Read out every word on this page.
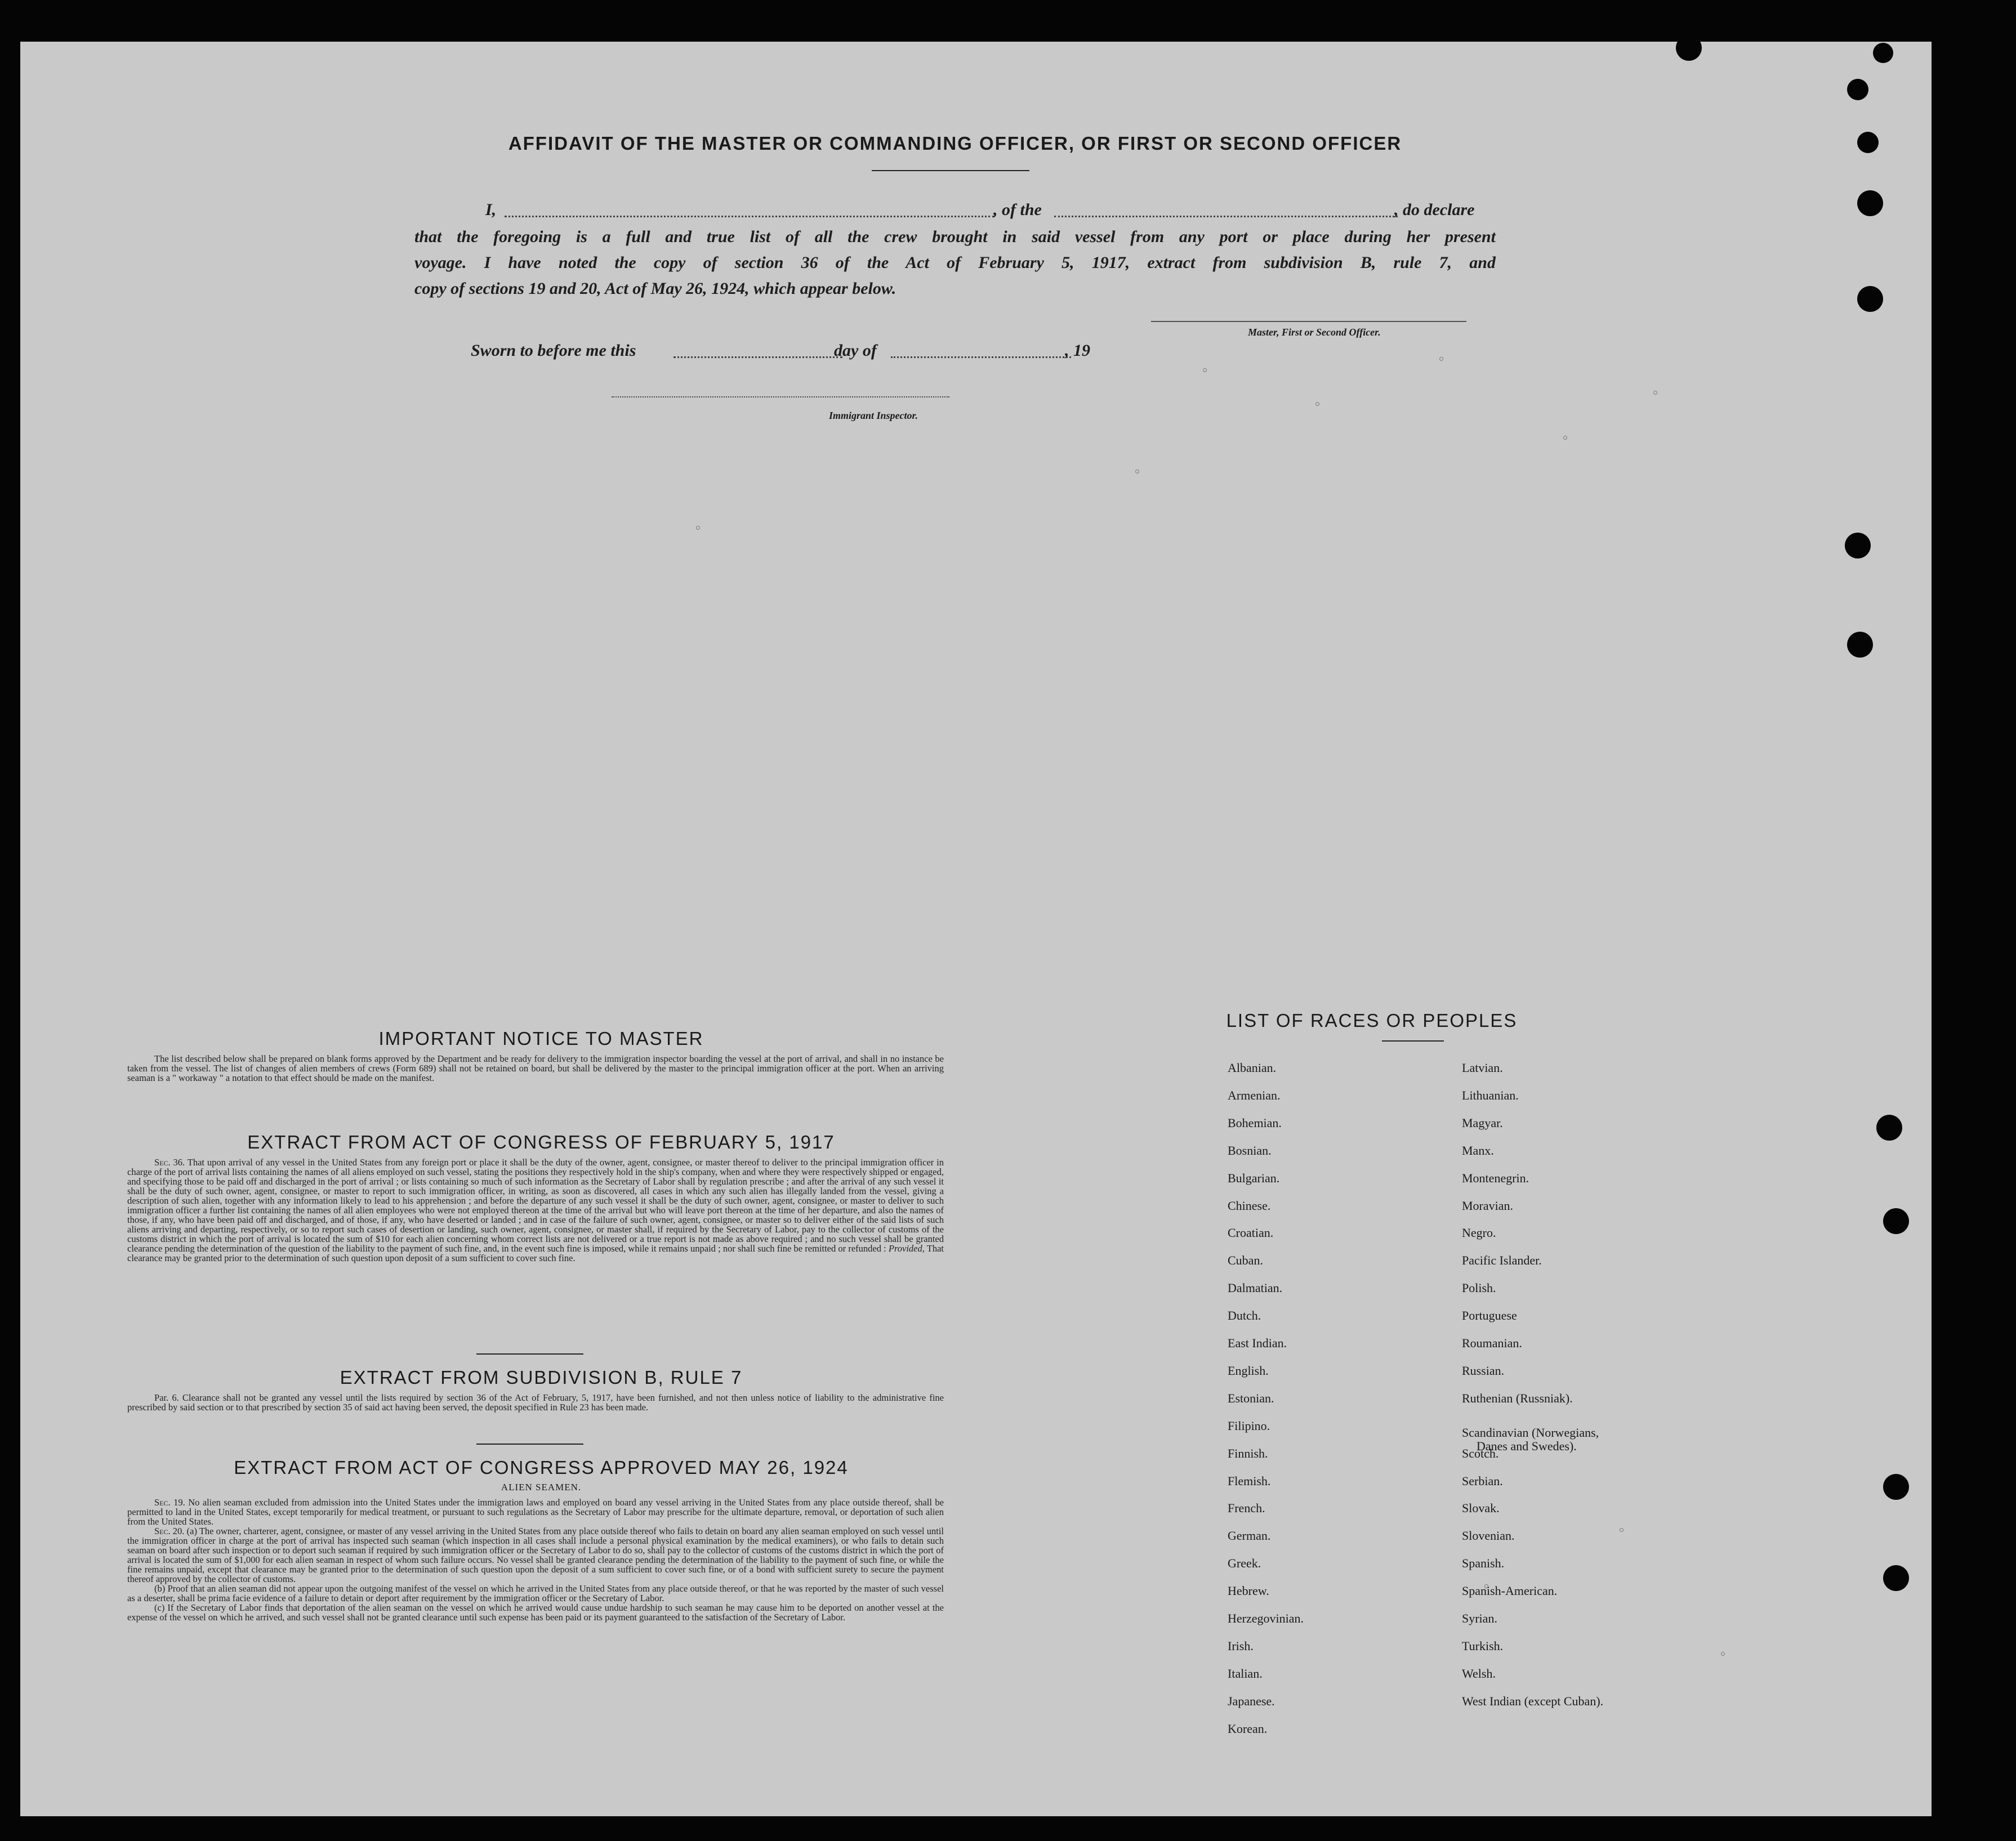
AFFIDAVIT OF THE MASTER OR COMMANDING OFFICER, OR FIRST OR SECOND OFFICER
I,	, of the	, do declare
that the foregoing is a full and true list of all the crew brought in said vessel from any port or place during her present
voyage. I have noted the copy of section 36 of the Act of February 5, 1917, extract from subdivision B, rule 7, and
copy of sections 19 and 20, Act of May 26, 1924, which appear below.
Master, First or Second Officer.
Sworn to before me this	day of	, 19
Immigrant Inspector.
IMPORTANT NOTICE TO MASTER

The list described below shall be prepared on blank forms approved by the Department and be ready for delivery to the immigration inspector boarding the vessel at the port of arrival, and shall in no instance be taken from the vessel. The list of changes of alien members of crews (Form 689) shall not be retained on board, but shall be delivered by the master to the principal immigration officer at the port. When an arriving seaman is a " workaway " a notation to that effect should be made on the manifest.

EXTRACT FROM ACT OF CONGRESS OF FEBRUARY 5, 1917

Sec. 36. That upon arrival of any vessel in the United States from any foreign port or place it shall be the duty of the owner, agent, consignee, or master thereof to deliver to the principal immigration officer in charge of the port of arrival lists containing the names of all aliens employed on such vessel, stating the positions they respectively hold in the ship's company, when and where they were respectively shipped or engaged, and specifying those to be paid off and discharged in the port of arrival ; or lists containing so much of such information as the Secretary of Labor shall by regulation prescribe ; and after the arrival of any such vessel it shall be the duty of such owner, agent, consignee, or master to report to such immigration officer, in writing, as soon as discovered, all cases in which any such alien has illegally landed from the vessel, giving a description of such alien, together with any information likely to lead to his apprehension ; and before the departure of any such vessel it shall be the duty of such owner, agent, consignee, or master to deliver to such immigration officer a further list containing the names of all alien employees who were not employed thereon at the time of the arrival but who will leave port thereon at the time of her departure, and also the names of those, if any, who have been paid off and discharged, and of those, if any, who have deserted or landed ; and in case of the failure of such owner, agent, consignee, or master so to deliver either of the said lists of such aliens arriving and departing, respectively, or so to report such cases of desertion or landing, such owner, agent, consignee, or master shall, if required by the Secretary of Labor, pay to the collector of customs of the customs district in which the port of arrival is located the sum of $10 for each alien concerning whom correct lists are not delivered or a true report is not made as above required ; and no such vessel shall be granted clearance pending the determination of the question of the liability to the payment of such fine, and, in the event such fine is imposed, while it remains unpaid ; nor shall such fine be remitted or refunded : Provided, That clearance may be granted prior to the determination of such question upon deposit of a sum sufficient to cover such fine.

EXTRACT FROM SUBDIVISION B, RULE 7

Par. 6. Clearance shall not be granted any vessel until the lists required by section 36 of the Act of February, 5, 1917, have been furnished, and not then unless notice of liability to the administrative fine prescribed by said section or to that prescribed by section 35 of said act having been served, the deposit specified in Rule 23 has been made.

EXTRACT FROM ACT OF CONGRESS APPROVED MAY 26, 1924
ALIEN SEAMEN.

Sec. 19. No alien seaman excluded from admission into the United States under the immigration laws and employed on board any vessel arriving in the United States from any place outside thereof, shall be permitted to land in the United States, except temporarily for medical treatment, or pursuant to such regulations as the Secretary of Labor may prescribe for the ultimate departure, removal, or deportation of such alien from the United States.

Sec. 20. (a) The owner, charterer, agent, consignee, or master of any vessel arriving in the United States from any place outside thereof who fails to detain on board any alien seaman employed on such vessel until the immigration officer in charge at the port of arrival has inspected such seaman (which inspection in all cases shall include a personal physical examination by the medical examiners), or who fails to detain such seaman on board after such inspection or to deport such seaman if required by such immigration officer or the Secretary of Labor to do so, shall pay to the collector of customs of the customs district in which the port of arrival is located the sum of $1,000 for each alien seaman in respect of whom such failure occurs. No vessel shall be granted clearance pending the determination of the liability to the payment of such fine, or while the fine remains unpaid, except that clearance may be granted prior to the determination of such question upon the deposit of a sum sufficient to cover such fine, or of a bond with sufficient surety to secure the payment thereof approved by the collector of customs.

(b) Proof that an alien seaman did not appear upon the outgoing manifest of the vessel on which he arrived in the United States from any place outside thereof, or that he was reported by the master of such vessel as a deserter, shall be prima facie evidence of a failure to detain or deport after requirement by the immigration officer or the Secretary of Labor.

(c) If the Secretary of Labor finds that deportation of the alien seaman on the vessel on which he arrived would cause undue hardship to such seaman he may cause him to be deported on another vessel at the expense of the vessel on which he arrived, and such vessel shall not be granted clearance until such expense has been paid or its payment guaranteed to the satisfaction of the Secretary of Labor.

LIST OF RACES OR PEOPLES
Albanian.
Armenian.
Bohemian.
Bosnian.
Bulgarian.
Chinese.
Croatian.
Cuban.
Dalmatian.
Dutch.
East Indian.
English.
Estonian.
Filipino.
Finnish.
Flemish.
French.
German.
Greek.
Hebrew.
Herzegovinian.
Irish.
Italian.
Japanese.
Korean.
Latvian.
Lithuanian.
Magyar.
Manx.
Montenegrin.
Moravian.
Negro.
Pacific Islander.
Polish.
Portuguese
Roumanian.
Russian.
Ruthenian (Russniak).
Scandinavian (Norwegians,
Danes and Swedes).
Scotch.
Serbian.
Slovak.
Slovenian.
Spanish.
Spanish-American.
Syrian.
Turkish.
Welsh.
West Indian (except Cuban).
